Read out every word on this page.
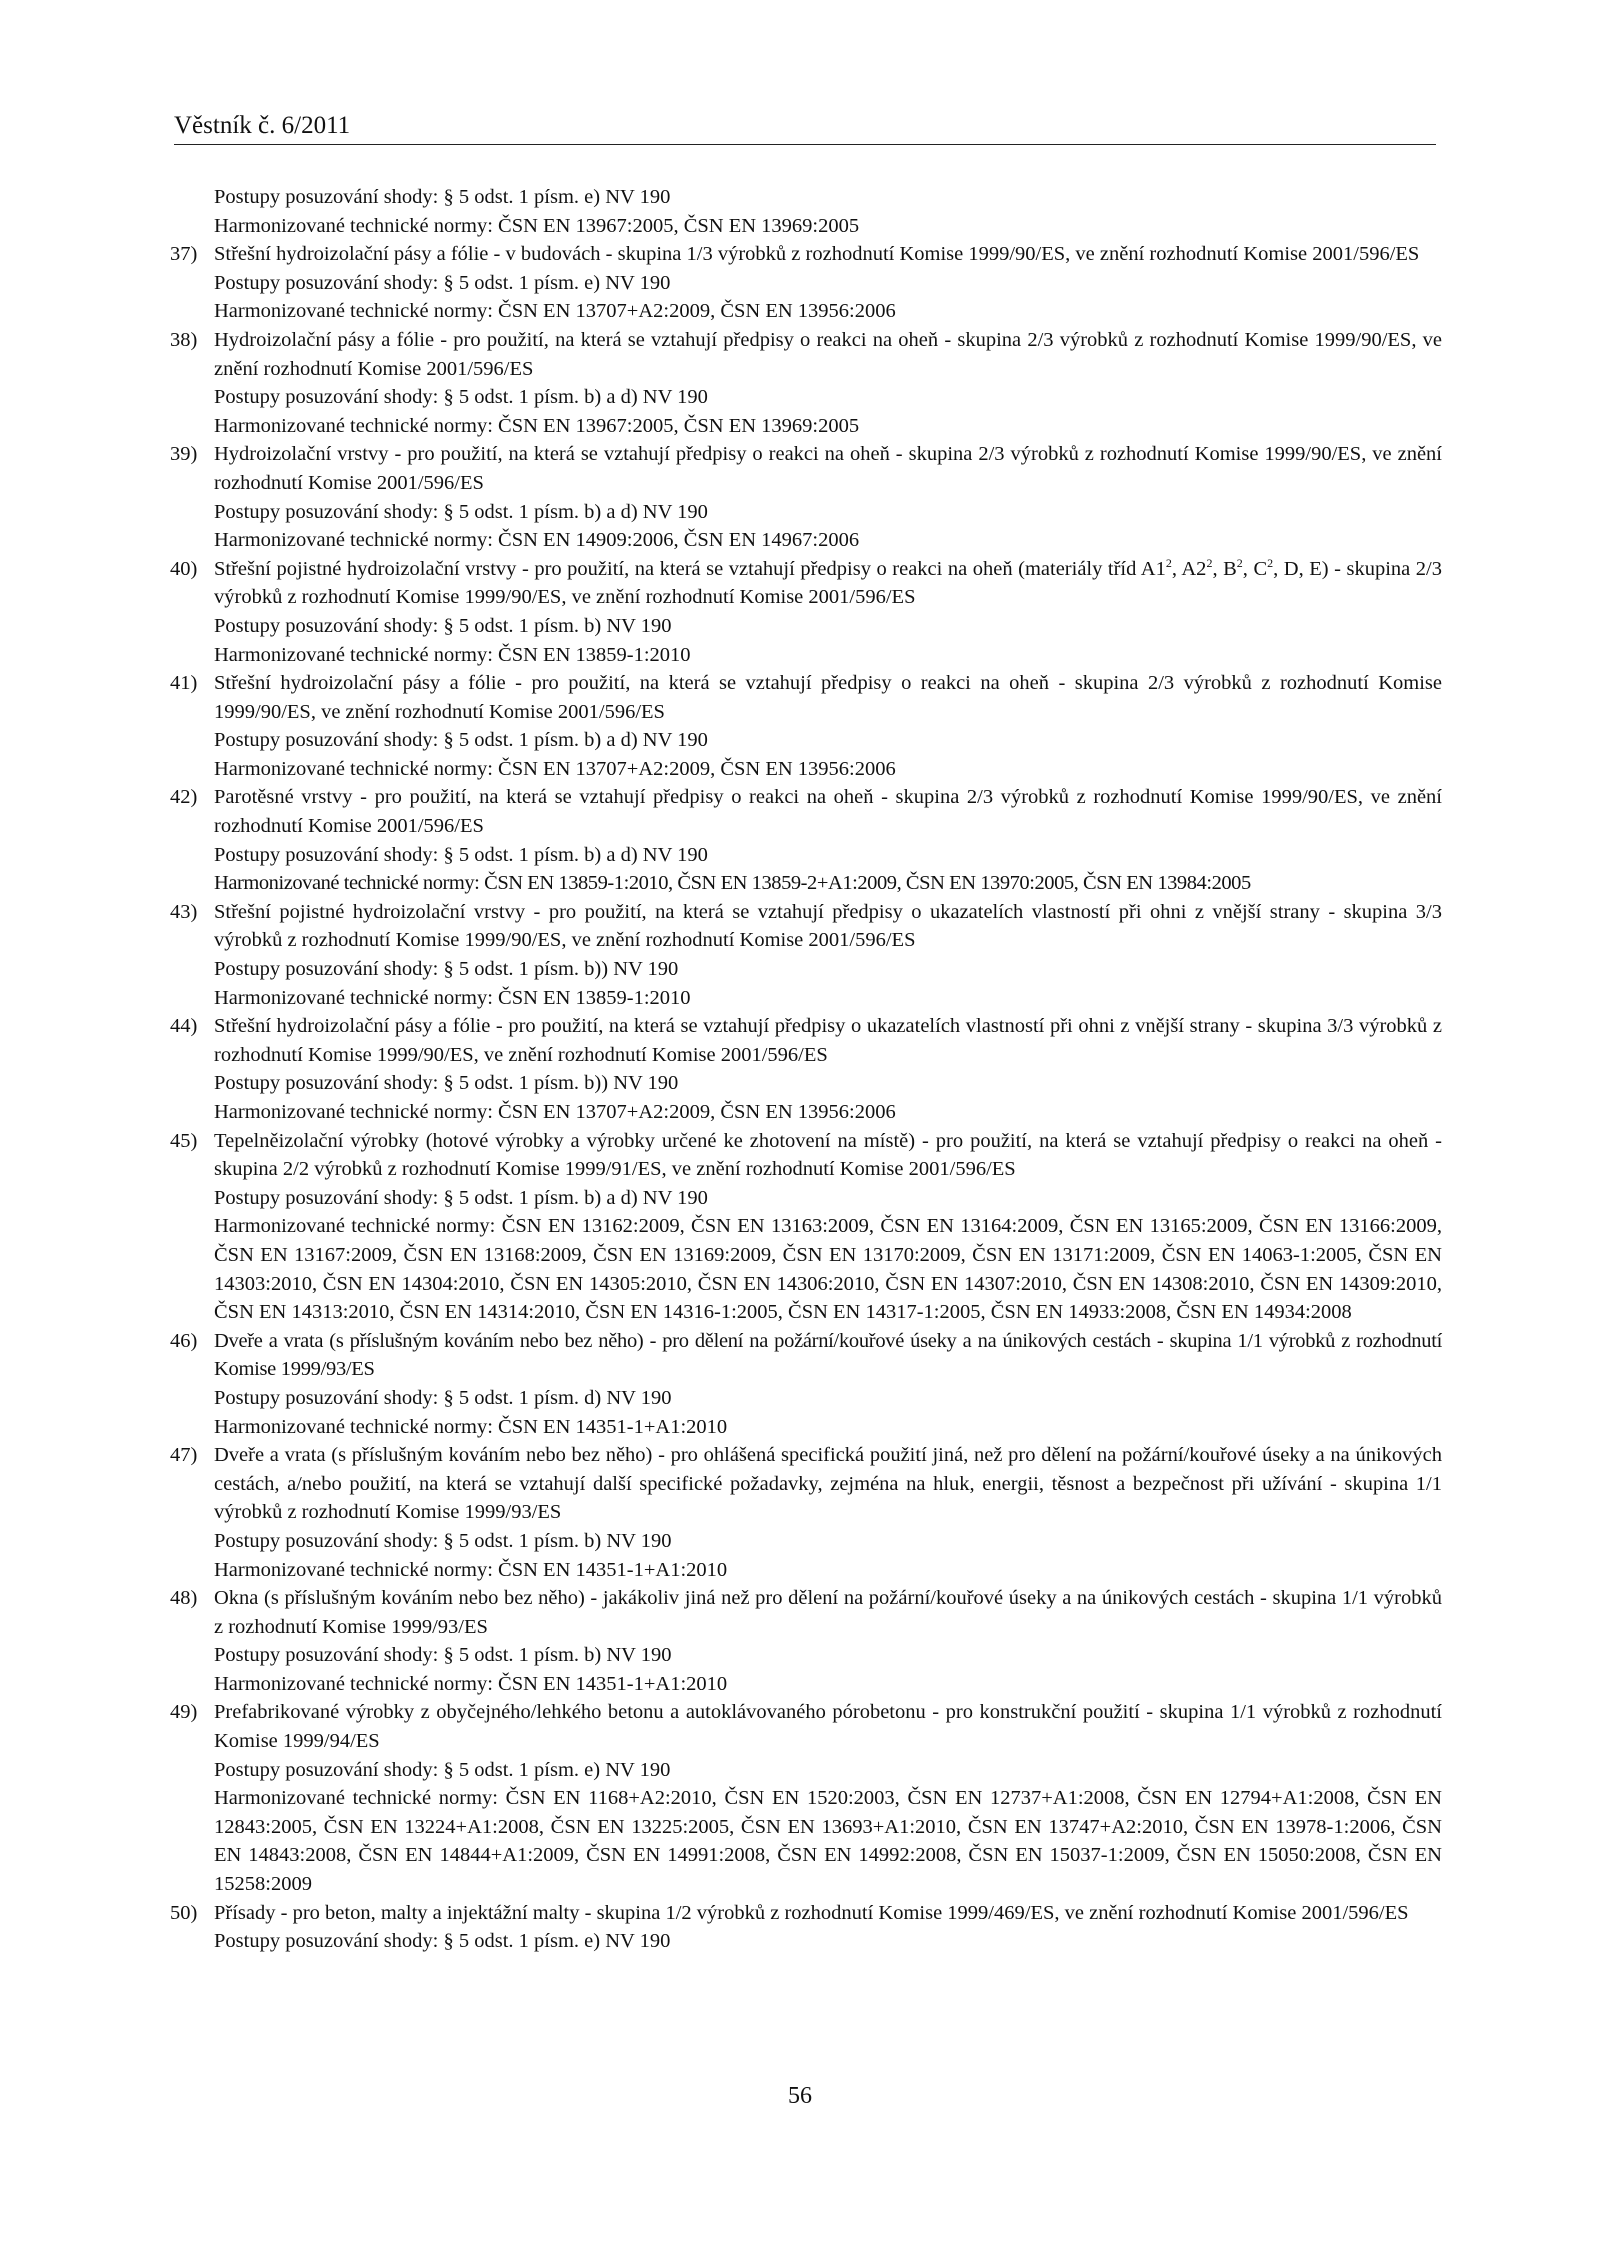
Věstník č. 6/2011
Postupy posuzování shody: § 5 odst. 1 písm. e) NV 190
Harmonizované technické normy: ČSN EN 13967:2005, ČSN EN 13969:2005
37) Střešní hydroizolační pásy a fólie - v budovách - skupina 1/3 výrobků z rozhodnutí Komise 1999/90/ES, ve znění rozhodnutí Komise 2001/596/ES
Postupy posuzování shody: § 5 odst. 1 písm. e) NV 190
Harmonizované technické normy: ČSN EN 13707+A2:2009, ČSN EN 13956:2006
38) Hydroizolační pásy a fólie - pro použití, na která se vztahují předpisy o reakci na oheň - skupina 2/3 výrobků z rozhodnutí Komise 1999/90/ES, ve znění rozhodnutí Komise 2001/596/ES
Postupy posuzování shody: § 5 odst. 1 písm. b) a d) NV 190
Harmonizované technické normy: ČSN EN 13967:2005, ČSN EN 13969:2005
39) Hydroizolační vrstvy - pro použití, na která se vztahují předpisy o reakci na oheň - skupina 2/3 výrobků z rozhodnutí Komise 1999/90/ES, ve znění rozhodnutí Komise 2001/596/ES
Postupy posuzování shody: § 5 odst. 1 písm. b) a d) NV 190
Harmonizované technické normy: ČSN EN 14909:2006, ČSN EN 14967:2006
40) Střešní pojistné hydroizolační vrstvy - pro použití, na která se vztahují předpisy o reakci na oheň (materiály tříd $A1^2$, $A2^2$, $B^2$, $C^2$, D, E) - skupina 2/3 výrobků z rozhodnutí Komise 1999/90/ES, ve znění rozhodnutí Komise 2001/596/ES
Postupy posuzování shody: § 5 odst. 1 písm. b) NV 190
Harmonizované technické normy: ČSN EN 13859-1:2010
41) Střešní hydroizolační pásy a fólie - pro použití, na která se vztahují předpisy o reakci na oheň - skupina 2/3 výrobků z rozhodnutí Komise 1999/90/ES, ve znění rozhodnutí Komise 2001/596/ES
Postupy posuzování shody: § 5 odst. 1 písm. b) a d) NV 190
Harmonizované technické normy: ČSN EN 13707+A2:2009, ČSN EN 13956:2006
42) Parotěsné vrstvy - pro použití, na která se vztahují předpisy o reakci na oheň - skupina 2/3 výrobků z rozhodnutí Komise 1999/90/ES, ve znění rozhodnutí Komise 2001/596/ES
Postupy posuzování shody: § 5 odst. 1 písm. b) a d) NV 190
Harmonizované technické normy: ČSN EN 13859-1:2010, ČSN EN 13859-2+A1:2009, ČSN EN 13970:2005, ČSN EN 13984:2005
43) Střešní pojistné hydroizolační vrstvy - pro použití, na která se vztahují předpisy o ukazatelích vlastností při ohni z vnější strany - skupina 3/3 výrobků z rozhodnutí Komise 1999/90/ES, ve znění rozhodnutí Komise 2001/596/ES
Postupy posuzování shody: § 5 odst. 1 písm. b)) NV 190
Harmonizované technické normy: ČSN EN 13859-1:2010
44) Střešní hydroizolační pásy a fólie - pro použití, na která se vztahují předpisy o ukazatelích vlastností při ohni z vnější strany - skupina 3/3 výrobků z rozhodnutí Komise 1999/90/ES, ve znění rozhodnutí Komise 2001/596/ES
Postupy posuzování shody: § 5 odst. 1 písm. b)) NV 190
Harmonizované technické normy: ČSN EN 13707+A2:2009, ČSN EN 13956:2006
45) Tepelněizolační výrobky (hotové výrobky a výrobky určené ke zhotovení na místě) - pro použití, na která se vztahují předpisy o reakci na oheň - skupina 2/2 výrobků z rozhodnutí Komise 1999/91/ES, ve znění rozhodnutí Komise 2001/596/ES
Postupy posuzování shody: § 5 odst. 1 písm. b) a d) NV 190
Harmonizované technické normy: ČSN EN 13162:2009, ČSN EN 13163:2009, ČSN EN 13164:2009, ČSN EN 13165:2009, ČSN EN 13166:2009, ČSN EN 13167:2009, ČSN EN 13168:2009, ČSN EN 13169:2009, ČSN EN 13170:2009, ČSN EN 13171:2009, ČSN EN 14063-1:2005, ČSN EN 14303:2010, ČSN EN 14304:2010, ČSN EN 14305:2010, ČSN EN 14306:2010, ČSN EN 14307:2010, ČSN EN 14308:2010, ČSN EN 14309:2010, ČSN EN 14313:2010, ČSN EN 14314:2010, ČSN EN 14316-1:2005, ČSN EN 14317-1:2005, ČSN EN 14933:2008, ČSN EN 14934:2008
46) Dveře a vrata (s příslušným kováním nebo bez něho) - pro dělení na požární/kouřové úseky a na únikových cestách - skupina 1/1 výrobků z rozhodnutí Komise 1999/93/ES
Postupy posuzování shody: § 5 odst. 1 písm. d) NV 190
Harmonizované technické normy: ČSN EN 14351-1+A1:2010
47) Dveře a vrata (s příslušným kováním nebo bez něho) - pro ohlášená specifická použití jiná, než pro dělení na požární/kouřové úseky a na únikových cestách, a/nebo použití, na která se vztahují další specifické požadavky, zejména na hluk, energii, těsnost a bezpečnost při užívání - skupina 1/1 výrobků z rozhodnutí Komise 1999/93/ES
Postupy posuzování shody: § 5 odst. 1 písm. b) NV 190
Harmonizované technické normy: ČSN EN 14351-1+A1:2010
48) Okna (s příslušným kováním nebo bez něho) - jakákoliv jiná než pro dělení na požární/kouřové úseky a na únikových cestách - skupina 1/1 výrobků z rozhodnutí Komise 1999/93/ES
Postupy posuzování shody: § 5 odst. 1 písm. b) NV 190
Harmonizované technické normy: ČSN EN 14351-1+A1:2010
49) Prefabrikované výrobky z obyčejného/lehkého betonu a autoklávovaného pórobetonu - pro konstrukční použití - skupina 1/1 výrobků z rozhodnutí Komise 1999/94/ES
Postupy posuzování shody: § 5 odst. 1 písm. e) NV 190
Harmonizované technické normy: ČSN EN 1168+A2:2010, ČSN EN 1520:2003, ČSN EN 12737+A1:2008, ČSN EN 12794+A1:2008, ČSN EN 12843:2005, ČSN EN 13224+A1:2008, ČSN EN 13225:2005, ČSN EN 13693+A1:2010, ČSN EN 13747+A2:2010, ČSN EN 13978-1:2006, ČSN EN 14843:2008, ČSN EN 14844+A1:2009, ČSN EN 14991:2008, ČSN EN 14992:2008, ČSN EN 15037-1:2009, ČSN EN 15050:2008, ČSN EN 15258:2009
50) Přísady - pro beton, malty a injektážní malty - skupina 1/2 výrobků z rozhodnutí Komise 1999/469/ES, ve znění rozhodnutí Komise 2001/596/ES
Postupy posuzování shody: § 5 odst. 1 písm. e) NV 190
56
